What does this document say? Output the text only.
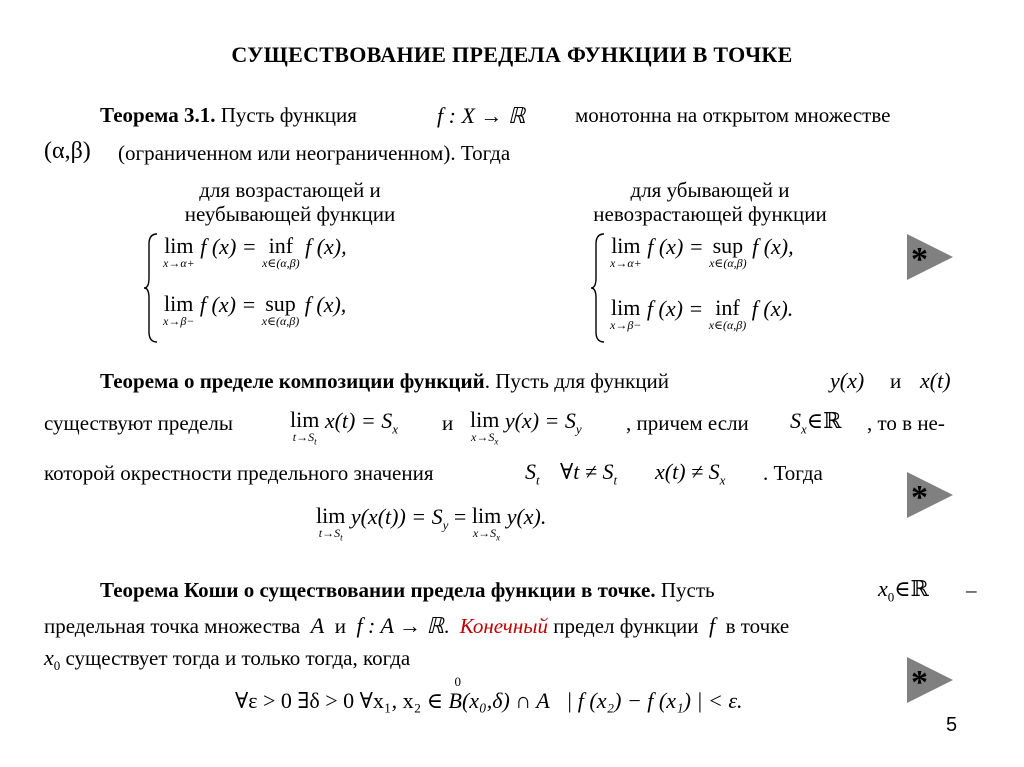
СУЩЕСТВОВАНИЕ ПРЕДЕЛА ФУНКЦИИ В ТОЧКЕ
Теорема 3.1. Пусть функция	f : X → ℝ монотонна на открытом множестве
(α,β) (ограниченном или неограниченном). Тогда
для возрастающей и
неубывающей функции
для убывающей и
невозрастающей функции
lim
x→α+
f (x) = inf
x∈(α,β)
f (x),
lim
x→β−
f (x) = sup
x∈(α,β)
f (x),
lim
x→α+
f (x) = sup
x∈(α,β)
f (x),
lim
x→β−
f (x) = inf
x∈(α,β)
f (x).
*
Теорема о пределе композиции функций. Пусть для функций	y(x) и x(t)
существуют пределы	lim
$t\to S_t$
$x(t) = S_x$ и lim
$x\to S_x$
$y(x) = S_y$ , причем если $S_x\in ℝ$ , то в не-
которой окрестности предельного значения	$S_t$ ∀t ≠ $S_t$ $x(t) \ne S_x$ . Тогда
lim
$t\to S_t$
$y(x(t)) = S_y = \lim$
$x\to S_x$
y(x).
*
Теорема Коши о существовании предела функции в точке. Пусть	$x_0\in ℝ$ –
предельная точка множества A и f : A → ℝ. Конечный предел функции f в точке
$x_0$ существует тогда и только тогда, когда
∀ε > 0 ∃δ > 0 ∀x₁, x₂ ∈
0
B(x₀,δ) ∩ A | f (x₂) − f (x₁) | < ε.	*
5
